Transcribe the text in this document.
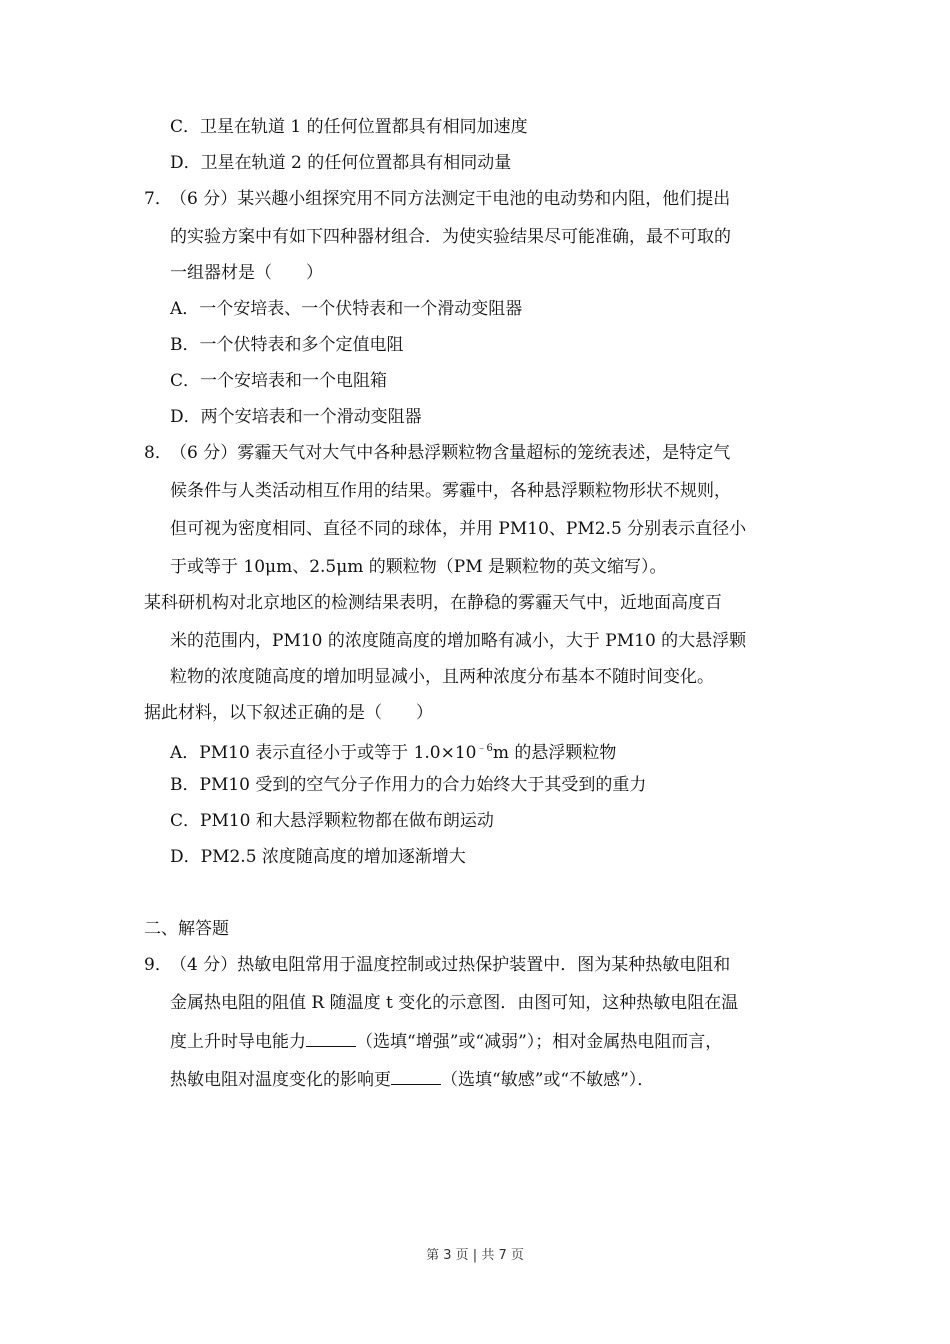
C．卫星在轨道 1 的任何位置都具有相同加速度
D．卫星在轨道 2 的任何位置都具有相同动量
7．
（6 分）某兴趣小组探究用不同方法测定干电池的电动势和内阻，他们提出
的实验方案中有如下四种器材组合．为使实验结果尽可能准确，最不可取的
一组器材是（　　）
A．一个安培表、一个伏特表和一个滑动变阻器
B．一个伏特表和多个定值电阻
C．一个安培表和一个电阻箱
D．两个安培表和一个滑动变阻器
8．
（6 分）雾霾天气对大气中各种悬浮颗粒物含量超标的笼统表述，是特定气
候条件与人类活动相互作用的结果。雾霾中，各种悬浮颗粒物形状不规则，
但可视为密度相同、直径不同的球体，并用 PM10、PM2.5 分别表示直径小
于或等于 10μm、2.5μm 的颗粒物（PM 是颗粒物的英文缩写）。
某科研机构对北京地区的检测结果表明，在静稳的雾霾天气中，近地面高度百
米的范围内，PM10 的浓度随高度的增加略有减小，大于 PM10 的大悬浮颗
粒物的浓度随高度的增加明显减小，且两种浓度分布基本不随时间变化。
据此材料，以下叙述正确的是（　　）
A．PM10 表示直径小于或等于 $1.0\times 10^{﹣6}m$ 的悬浮颗粒物
B．PM10 受到的空气分子作用力的合力始终大于其受到的重力
C．PM10 和大悬浮颗粒物都在做布朗运动
D．PM2.5 浓度随高度的增加逐渐增大
二、解答题
9．
（4 分）热敏电阻常用于温度控制或过热保护装置中．图为某种热敏电阻和
金属热电阻的阻值 R 随温度 t 变化的示意图．由图可知，这种热敏电阻在温
度上升时导电能力	（选填“增强”或“减弱”）；相对金属热电阻而言，
热敏电阻对温度变化的影响更	（选填“敏感”或“不敏感”）．
第 3 页 | 共 7 页
